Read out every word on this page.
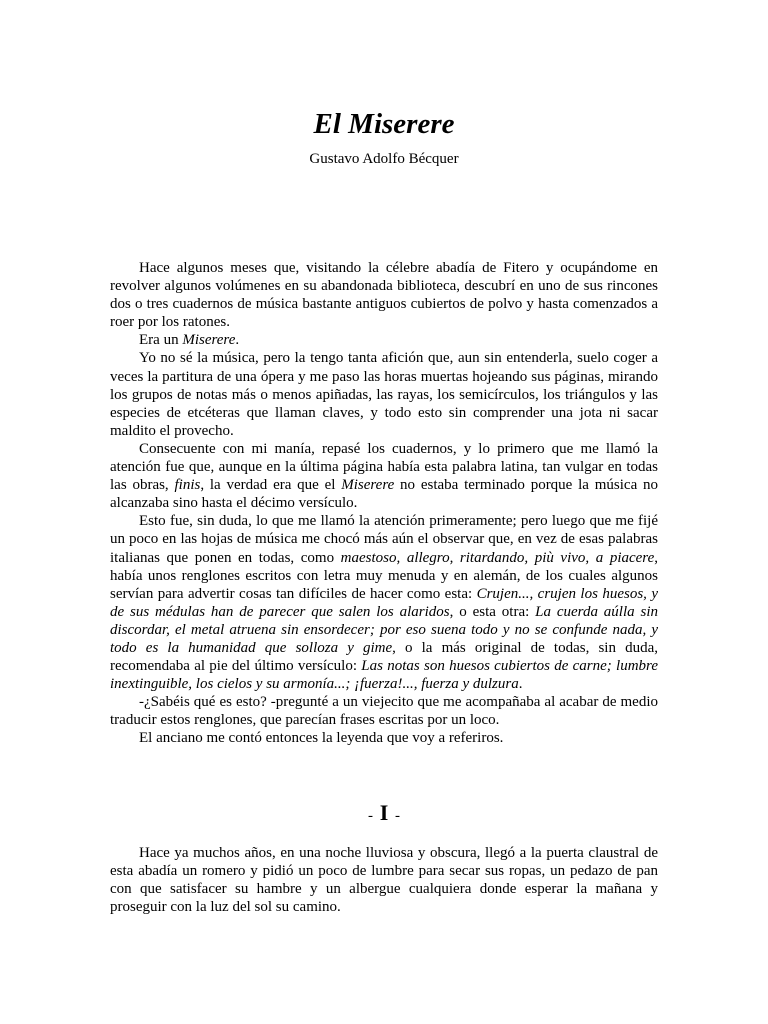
El Miserere
Gustavo Adolfo Bécquer

Hace algunos meses que, visitando la célebre abadía de Fitero y ocupándome en revolver algunos volúmenes en su abandonada biblioteca, descubrí en uno de sus rincones dos o tres cuadernos de música bastante antiguos cubiertos de polvo y hasta comenzados a roer por los ratones.

Era un Miserere.

Yo no sé la música, pero la tengo tanta afición que, aun sin entenderla, suelo coger a veces la partitura de una ópera y me paso las horas muertas hojeando sus páginas, mirando los grupos de notas más o menos apiñadas, las rayas, los semicírculos, los triángulos y las especies de etcéteras que llaman claves, y todo esto sin comprender una jota ni sacar maldito el provecho.

Consecuente con mi manía, repasé los cuadernos, y lo primero que me llamó la atención fue que, aunque en la última página había esta palabra latina, tan vulgar en todas las obras, finis, la verdad era que el Miserere no estaba terminado porque la música no alcanzaba sino hasta el décimo versículo.

Esto fue, sin duda, lo que me llamó la atención primeramente; pero luego que me fijé un poco en las hojas de música me chocó más aún el observar que, en vez de esas palabras italianas que ponen en todas, como maestoso, allegro, ritardando, più vivo, a piacere, había unos renglones escritos con letra muy menuda y en alemán, de los cuales algunos servían para advertir cosas tan difíciles de hacer como esta: Crujen..., crujen los huesos, y de sus médulas han de parecer que salen los alaridos, o esta otra: La cuerda aúlla sin discordar, el metal atruena sin ensordecer; por eso suena todo y no se confunde nada, y todo es la humanidad que solloza y gime, o la más original de todas, sin duda, recomendaba al pie del último versículo: Las notas son huesos cubiertos de carne; lumbre inextinguible, los cielos y su armonía...; ¡fuerza!..., fuerza y dulzura.

-¿Sabéis qué es esto? -pregunté a un viejecito que me acompañaba al acabar de medio traducir estos renglones, que parecían frases escritas por un loco.

El anciano me contó entonces la leyenda que voy a referiros.

- I -

Hace ya muchos años, en una noche lluviosa y obscura, llegó a la puerta claustral de esta abadía un romero y pidió un poco de lumbre para secar sus ropas, un pedazo de pan con que satisfacer su hambre y un albergue cualquiera donde esperar la mañana y proseguir con la luz del sol su camino.
